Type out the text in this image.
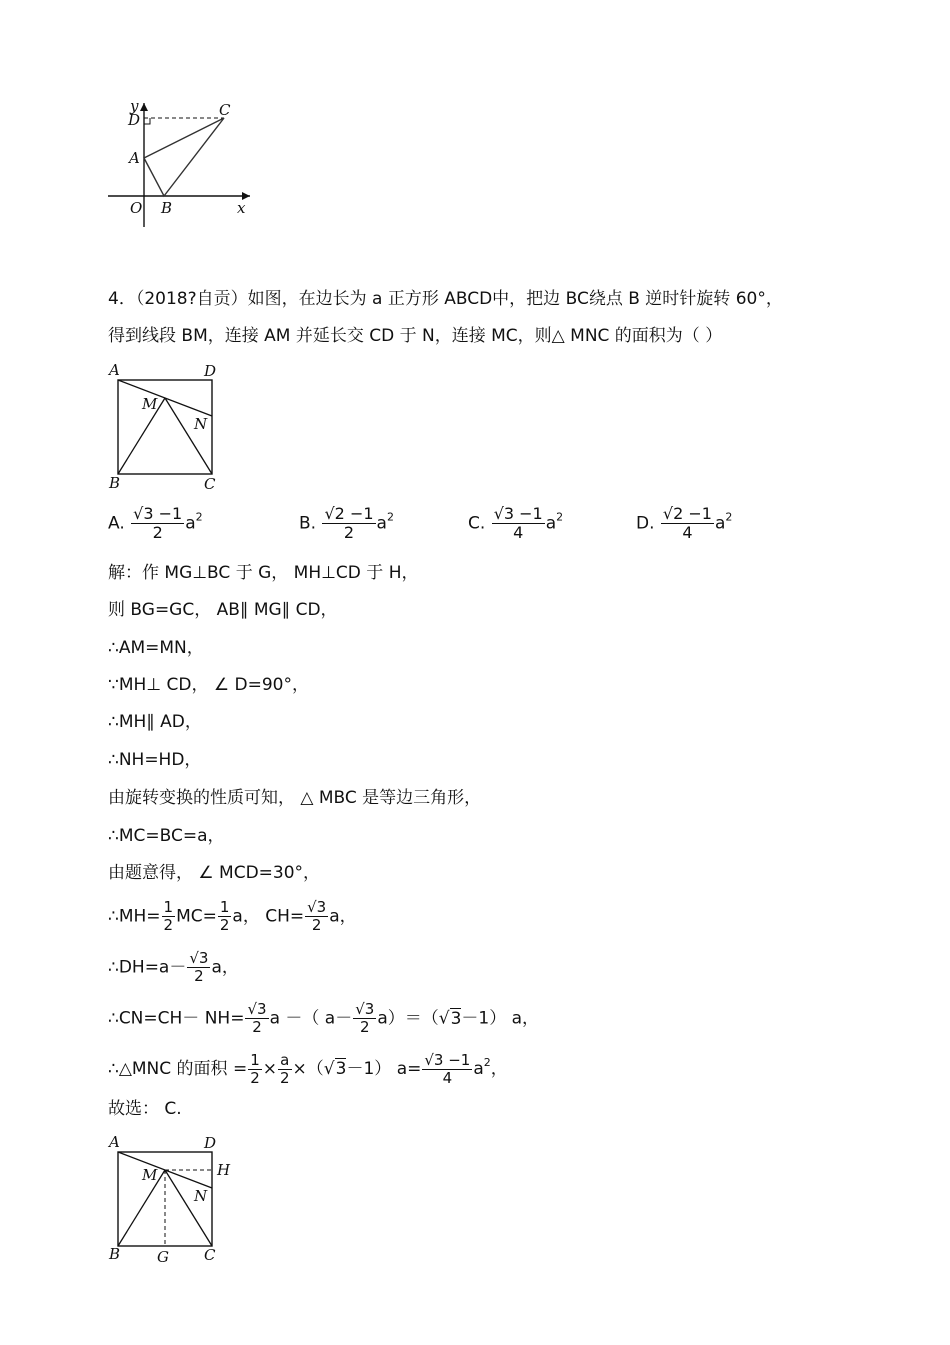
y
D
C
A
O B	x
4．（2018?自贡）如图，在边长为 a 正方形 ABCD中，把边 BC绕点 B 逆时针旋转 60°，
得到线段 BM，连接 AM 并延长交 CD 于 N，连接 MC，则△ MNC 的面积为（ ）
A	D
M
N
B	C
A. $\frac{√3 -1}{2} a^2$	B. $\frac{√2 -1}{2} a^2$	C. $\frac{√3 -1}{4} a^2$	D. $\frac{√2 -1}{4} a^2$
解：作 MG⊥BC 于 G， MH⊥CD 于 H，
则 BG=GC， AB∥ MG∥ CD，
∴AM=MN，
∵MH⊥ CD， ∠ D=90°，
∴MH∥ AD，
∴NH=HD，
由旋转变换的性质可知， △ MBC 是等边三角形，
∴MC=BC=a，
由题意得， ∠ MCD=30°，
∴MH= $\frac{1}{2} MC= \frac{1}{2}$ a， $CH= \frac{√3}{2}$ a，
∴DH=a－ $\frac{√3}{2}$ a，
∴CN=CH－ $NH= \frac{√3}{2}$ a －（ $a- \frac{√3}{2} a)=(√3-1)$ a，
∴△MNC 的面积 = $\frac{1}{2} \times \frac{a}{2} \times(√3-1)$ $a= \frac{√3 -1}{4} a^2$，
故选： C.
A	D
M	H
N
B G C
